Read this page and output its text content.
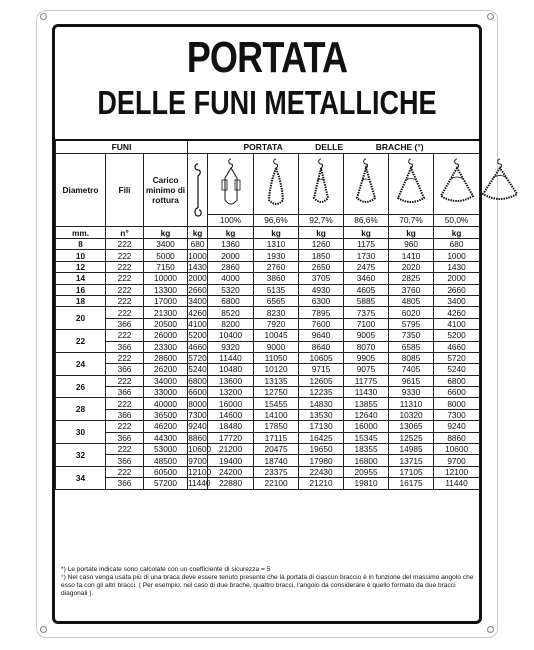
PORTATA
DELLE FUNI METALLICHE
FUNI			PORTATA DELLE BRACHE (°)							
Diametro	Fili	Carico minimo di rottura	

				100%	96,6%	92,7%	86,6%	70,7%	50,0%	
mm.	n°	kg	kg	kg	kg	kg	kg	kg	kg	
8	222	3400	680	1360	1310	1260	1175	960	680	
10	222	5000	1000	2000	1930	1850	1730	1410	1000	
12	222	7150	1430	2860	2760	2650	2475	2020	1430	
14	222	10000	2000	4000	3860	3705	3460	2825	2000	
16	222	13300	2660	5320	5135	4930	4605	3760	2660	
18	222	17000	3400	6800	6565	6300	5885	4805	3400	
20	222	21300	4260	8520	8230	7895	7375	6020	4260	
	366	20500	4100	8200	7920	7600	7100	5795	4100	
22	222	26000	5200	10400	10045	9640	9005	7350	5200	
	366	23300	4660	9320	9000	8640	8070	6585	4660	
24	222	28600	5720	11440	11050	10605	9905	8085	5720	
	366	26200	5240	10480	10120	9715	9075	7405	5240	
26	222	34000	6800	13600	13135	12605	11775	9615	6800	
	366	33000	6600	13200	12750	12235	11430	9330	6600	
28	222	40000	8000	16000	15455	14830	13855	11310	8000	
	366	36500	7300	14600	14100	13530	12640	10320	7300	
30	222	46200	9240	18480	17850	17130	16000	13065	9240	
	366	44300	8860	17720	17115	16425	15345	12525	8860	
32	222	53000	10600	21200	20475	19650	18355	14985	10600	
	366	48500	9700	19400	18740	17980	16800	13715	9700	
34	222	60500	12100	24200	23375	22430	20955	17105	12100	
	366	57200	11440	22880	22100	21210	19810	16175	11440	
*) Le portate indicate sono calcolate con un coefficiente di sicurezza = 5
°) Nel caso venga usata più di una braca deve essere tenuto presente che la portata di ciascun braccio è in funzione del massimo angolo che esso fa con gli altri bracci. ( Per esempio: nel caso di due brache, quattro bracci, l'angolo da considerare è quello formato da due bracci diagonali ).
